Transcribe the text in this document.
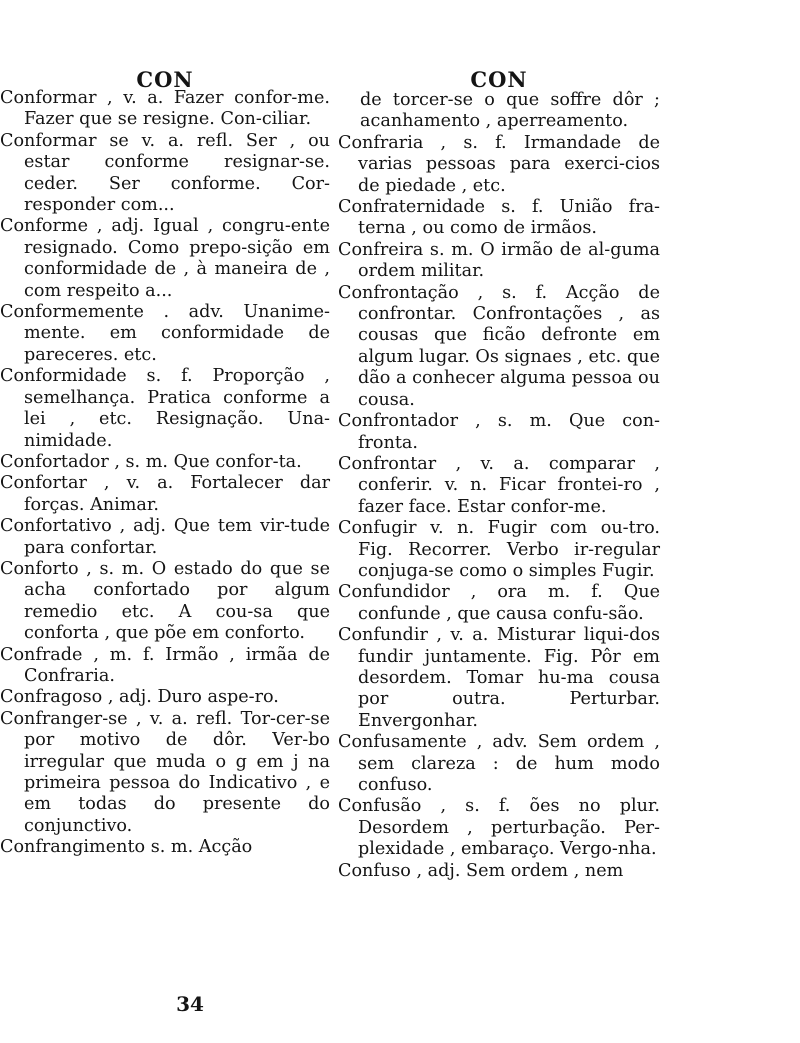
CON

Conformar , v. a. Fazer confor-me. Fazer que se resigne. Con-ciliar.

Conformar se v. a. refl. Ser , ou estar conforme resignar-se. ceder. Ser conforme. Cor-responder com...

Conforme , adj. Igual , congru-ente resignado. Como prepo-sição em conformidade de , à maneira de , com respeito a...

Conformemente . adv. Unanime-mente. em conformidade de pareceres. etc.

Conformidade s. f. Proporção , semelhança. Pratica conforme a lei , etc. Resignação. Una-nimidade.

Confortador , s. m. Que confor-ta.

Confortar , v. a. Fortalecer dar forças. Animar.

Confortativo , adj. Que tem vir-tude para confortar.

Conforto , s. m. O estado do que se acha confortado por algum remedio etc. A cou-sa que conforta , que põe em conforto.

Confrade , m. f. Irmão , irmãa de Confraria.

Confragoso , adj. Duro aspe-ro.

Confranger-se , v. a. refl. Tor-cer-se por motivo de dôr. Ver-bo irregular que muda o g em j na primeira pessoa do Indicativo , e em todas do presente do conjunctivo.

Confrangimento s. m. Acção

34
CON

de torcer-se o que soffre dôr ; acanhamento , aperreamento.

Confraria , s. f. Irmandade de varias pessoas para exerci-cios de piedade , etc.

Confraternidade s. f. União fra-terna , ou como de irmãos.

Confreira s. m. O irmão de al-guma ordem militar.

Confrontação , s. f. Acção de confrontar. Confrontações , as cousas que ficão defronte em algum lugar. Os signaes , etc. que dão a conhecer alguma pessoa ou cousa.

Confrontador , s. m. Que con-fronta.

Confrontar , v. a. comparar , conferir. v. n. Ficar frontei-ro , fazer face. Estar confor-me.

Confugir v. n. Fugir com ou-tro. Fig. Recorrer. Verbo ir-regular conjuga-se como o simples Fugir.

Confundidor , ora m. f. Que confunde , que causa confu-são.

Confundir , v. a. Misturar liqui-dos fundir juntamente. Fig. Pôr em desordem. Tomar hu-ma cousa por outra. Perturbar. Envergonhar.

Confusamente , adv. Sem ordem , sem clareza : de hum modo confuso.

Confusão , s. f. ões no plur. Desordem , perturbação. Per-plexidade , embaraço. Vergo-nha.

Confuso , adj. Sem ordem , nem
